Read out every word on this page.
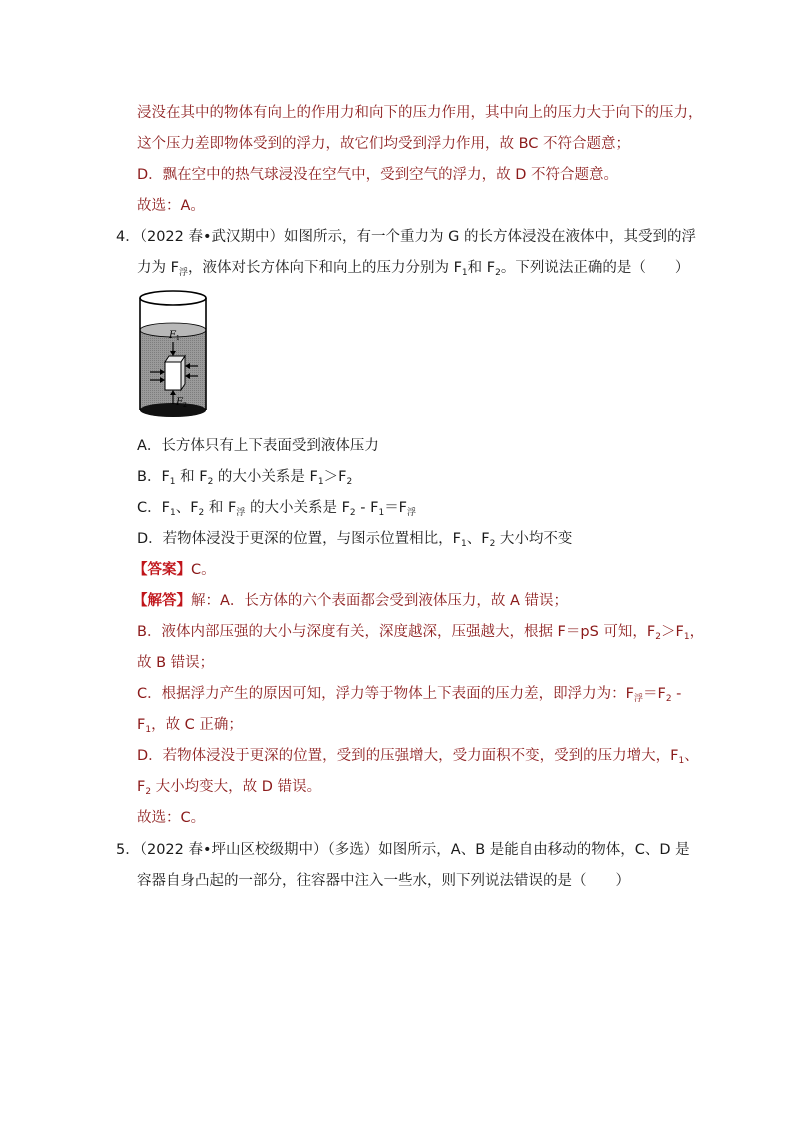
浸没在其中的物体有向上的作用力和向下的压力作用，其中向上的压力大于向下的压力，
这个压力差即物体受到的浮力，故它们均受到浮力作用，故 BC 不符合题意；
D．飘在空中的热气球浸没在空气中，受到空气的浮力，故 D 不符合题意。
故选：A。
4．（2022 春•武汉期中）如图所示，有一个重力为 G 的长方体浸没在液体中，其受到的浮
力为 $F_浮$，液体对长方体向下和向上的压力分别为 $F_1$和 $F_2$。下列说法正确的是（　　）
F 1
F 2
A．长方体只有上下表面受到液体压力
B．$F_1$ 和 $F_2$ 的大小关系是 $F_1>F_2$
C．$F_1$、$F_2$ 和 $F_浮$ 的大小关系是 $F_2 - F_1=F_浮$
D．若物体浸没于更深的位置，与图示位置相比，$F_1$、$F_2$ 大小均不变
【答案】C。
【解答】解：A．长方体的六个表面都会受到液体压力，故 A 错误；
B．液体内部压强的大小与深度有关，深度越深，压强越大，根据 F＝pS 可知，$F_2>F_1$，
故 B 错误；
C．根据浮力产生的原因可知，浮力等于物体上下表面的压力差，即浮力为：$F_浮=F_2$ -
$F_1$，故 C 正确；
D．若物体浸没于更深的位置，受到的压强增大，受力面积不变，受到的压力增大，$F_1$、
$F_2$ 大小均变大，故 D 错误。
故选：C。
5．（2022 春•坪山区校级期中）（多选）如图所示，A、B 是能自由移动的物体，C、D 是
容器自身凸起的一部分，往容器中注入一些水，则下列说法错误的是（　　）
